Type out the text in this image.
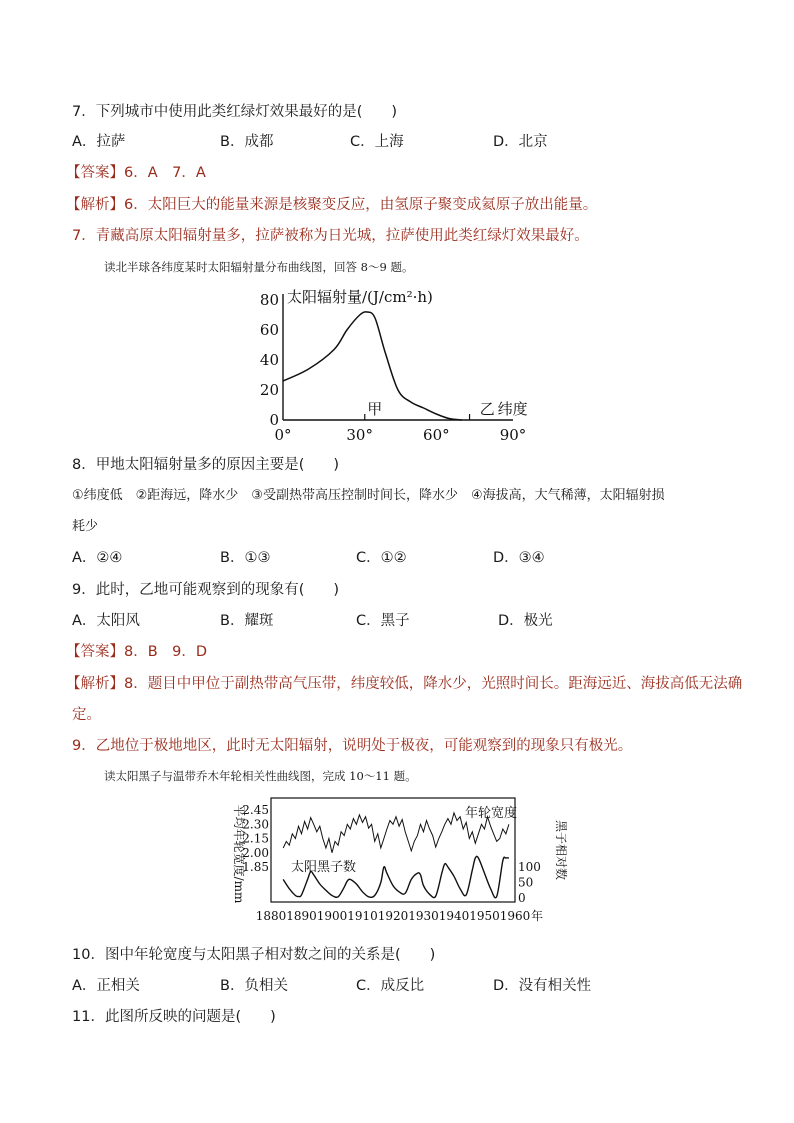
7．下列城市中使用此类红绿灯效果最好的是(　　)
A．拉萨	B．成都	C．上海	D．北京
【答案】6．A　7．A
【解析】6．太阳巨大的能量来源是核聚变反应，由氢原子聚变成氦原子放出能量。
7．青藏高原太阳辐射量多，拉萨被称为日光城，拉萨使用此类红绿灯效果最好。
读北半球各纬度某时太阳辐射量分布曲线图，回答 8～9 题。
0
20
40
60
80
0°	30°	60°	90°
太阳辐射量/(J/cm²·h)
甲	乙 纬度
8．甲地太阳辐射量多的原因主要是(　　)
①纬度低　②距海远，降水少　③受副热带高压控制时间长，降水少　④海拔高，大气稀薄，太阳辐射损
耗少
A．②④	B．①③	C．①②	D．③④
9．此时，乙地可能观察到的现象有(　　)
A．太阳风	B．耀斑	C．黑子	D．极光
【答案】8．B　9．D
【解析】8．题目中甲位于副热带高气压带，纬度较低，降水少，光照时间长。距海远近、海拔高低无法确
定。
9．乙地位于极地地区，此时无太阳辐射，说明处于极夜，可能观察到的现象只有极光。
读太阳黑子与温带乔木年轮相关性曲线图，完成 10～11 题。
1.85
2.00
2.15
2.30
2.45
平均年轮宽度/mm	年轮宽度
0
50
100 黑子相对数
太阳黑子数
1880 1890 1900 1910 1920 1930 1940 1950 1960 年
10．图中年轮宽度与太阳黑子相对数之间的关系是(　　)
A．正相关	B．负相关	C．成反比	D．没有相关性
11．此图所反映的问题是(　　)
